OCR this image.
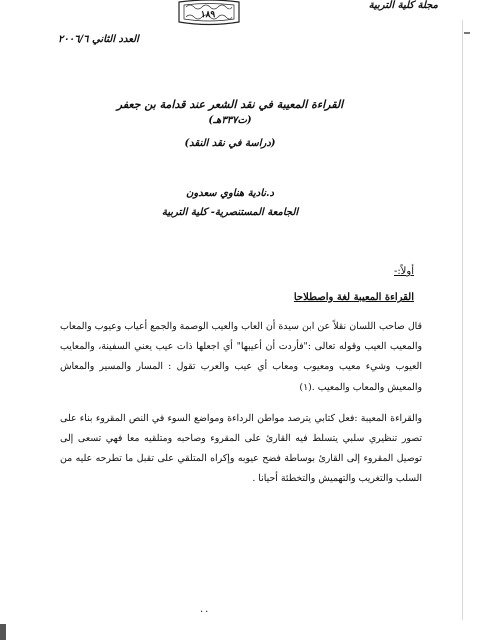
١٨٩
مجلة كلية التربية
العدد الثاني ٢٠٠٦/٦
القراءة المعيبة في نقد الشعر عند قدامة بن جعفر
(ت٣٣٧هـ)
(دراسة في نقد النقد)
د.نادية هناوي سعدون
الجامعة المستنصرية- كلية التربية
أولاً:-
القراءة المعيبة لغة واصطلاحا

قال صاحب اللسان نقلاً عن ابن سيدة أن العاب والعيب الوصمة والجمع أعياب وعيوب والمعاب والمعيب العيب وقوله تعالى :"فأردت أن أعيبها" أي اجعلها ذات عيب يعني السفينة، والمعايب العيوب وشيء معيب ومعيوب ومعاب أي عيب والعرب تقول : المسار والمسير والمعاش والمعيش والمعاب والمعيب .(١)

والقراءة المعيبة :فعل كتابي يترصد مواطن الرداءة ومواضع السوء في النص المقروء بناء على تصور تنظيري سلبي يتسلط فيه القارئ على المقروء وصاحبه ومتلقيه معا فهي تسعى إلى توصيل المقروء إلى القارئ بوساطة فضح عيوبه وإكراه المتلقي على تقبل ما تطرحه عليه من السلب والتغريب والتهميش والتخطئة أحيانا .

..
